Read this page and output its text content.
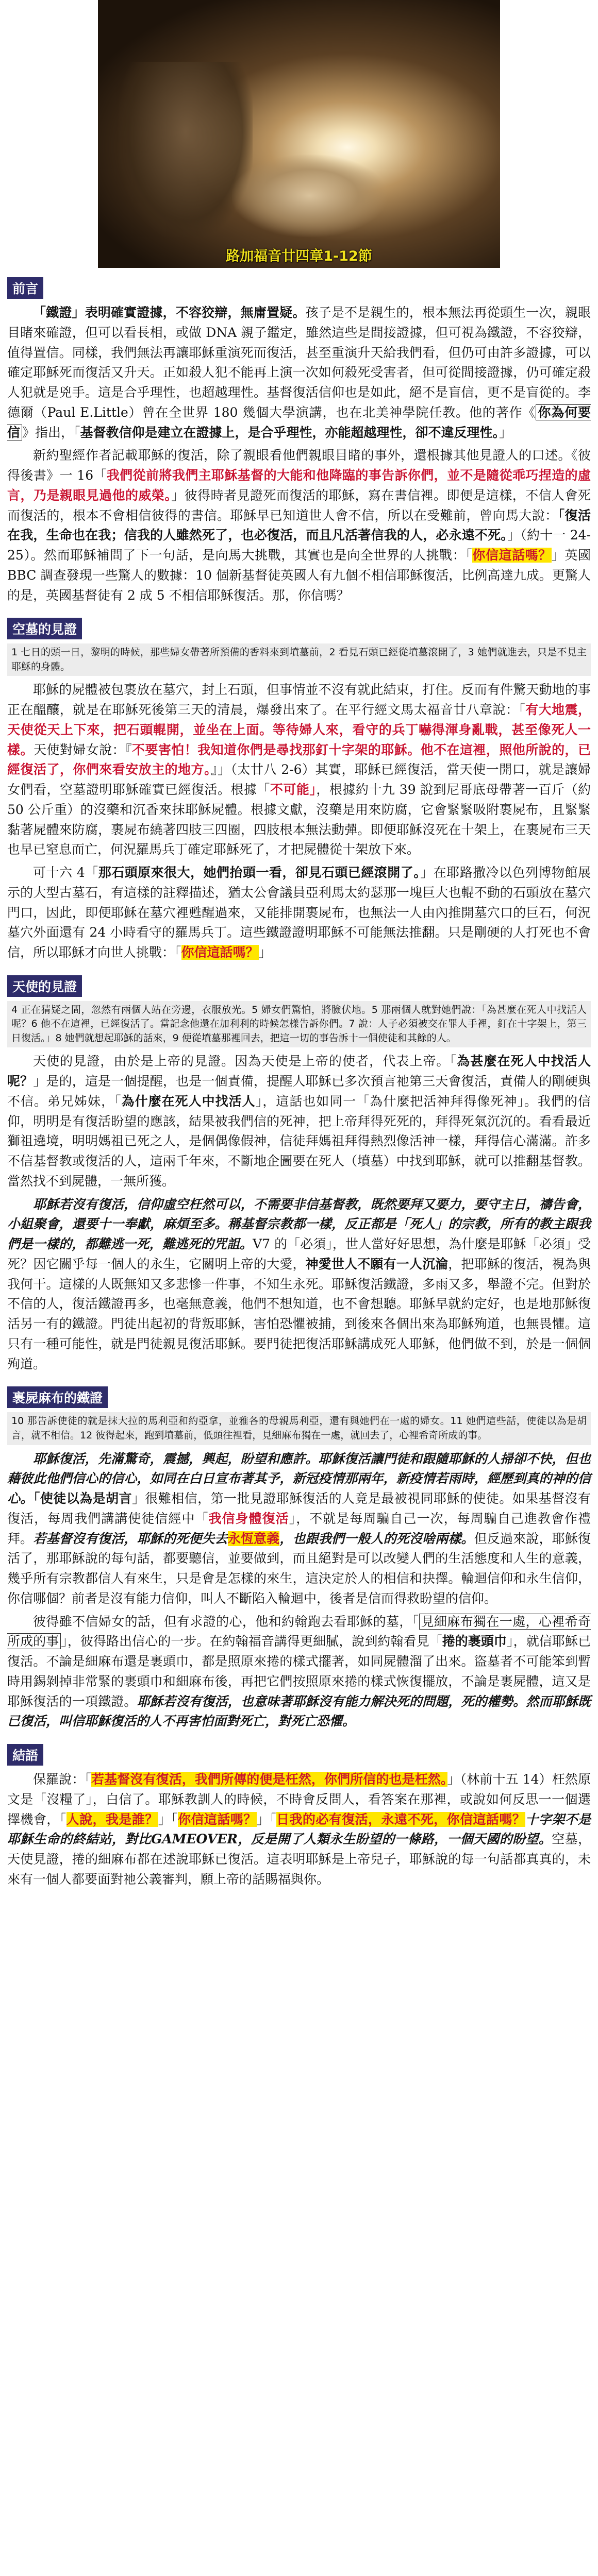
路加福音廿四章1-12節
前言

「鐵證」表明確實證據，不容狡辯，無庸置疑。孩子是不是親生的，根本無法再從頭生一次，親眼目睹來確證，但可以看長相，或做 DNA 親子鑑定，雖然這些是間接證據，但可視為鐵證，不容狡辯，值得置信。同樣，我們無法再讓耶穌重演死而復活，甚至重演升天給我們看，但仍可由許多證據，可以確定耶穌死而復活又升天。正如殺人犯不能再上演一次如何殺死受害者，但可從間接證據，仍可確定殺人犯就是兇手。這是合乎理性，也超越理性。基督復活信仰也是如此，絕不是盲信，更不是盲從的。李德爾（Paul E.Little）曾在全世界 180 幾個大學演講，也在北美神學院任教。他的著作《 你為何要信 》指出，「基督教信仰是建立在證據上，是合乎理性，亦能超越理性，卻不違反理性。」

新約聖經作者記載耶穌的復活，除了親眼看他們親眼目睹的事外，還根據其他見證人的口述。《彼得後書》一 16「我們從前將我們主耶穌基督的大能和他降臨的事告訴你們，並不是隨從乖巧捏造的虛言，乃是親眼見過他的威榮。」彼得時者見證死而復活的耶穌，寫在書信裡。即便是這樣，不信人會死而復活的，根本不會相信彼得的書信。耶穌早已知道世人會不信，所以在受難前，曾向馬大說：「復活在我，生命也在我；信我的人雖然死了，也必復活，而且凡活著信我的人，必永遠不死。」（約十一 24-25）。然而耶穌補問了下一句話，是向馬大挑戰，其實也是向全世界的人挑戰：「你信這話嗎？」英國 BBC 調查發現一些驚人的數據：10 個新基督徒英國人有九個不相信耶穌復活，比例高達九成。更驚人的是，英國基督徒有 2 成 5 不相信耶穌復活。那，你信嗎？

空墓的見證

1 七日的頭一日，黎明的時候，那些婦女帶著所預備的香料來到墳墓前，2 看見石頭已經從墳墓滾開了，3 她們就進去，只是不見主耶穌的身體。

耶穌的屍體被包裹放在墓穴，封上石頭，但事情並不沒有就此結束，打住。反而有件驚天動地的事正在醞釀，就是在耶穌死後第三天的清晨，爆發出來了。在平行經文馬太福音廿八章說：「有大地震，天使從天上下來，把石頭輥開，並坐在上面。等待婦人來，看守的兵丁嚇得渾身亂戰，甚至像死人一樣。天使對婦女說：『不要害怕！我知道你們是尋找那釘十字架的耶穌。他不在這裡，照他所說的，已經復活了，你們來看安放主的地方。』」（太廿八 2-6）其實，耶穌已經復活，當天使一開口，就是讓婦女們看，空墓證明耶穌確實已經復活。根據「不可能」，根據約十九 39 說到尼哥底母帶著一百斤（約 50 公斤重）的沒藥和沉香來抹耶穌屍體。根據文獻，沒藥是用來防腐，它會緊緊吸附裹屍布，且緊緊黏著屍體來防腐，裹屍布繞著四肢三四圈，四肢根本無法動彈。即便耶穌沒死在十架上，在裹屍布三天也早已窒息而亡，何況羅馬兵丁確定耶穌死了，才把屍體從十架放下來。

可十六 4「那石頭原來很大，她們抬頭一看，卻見石頭已經滾開了。」在耶路撒冷以色列博物館展示的大型古墓石，有這樣的註釋描述，猶太公會議員亞利馬太約瑟那一塊巨大也輥不動的石頭放在墓穴門口，因此，即便耶穌在墓穴裡甦醒過來，又能排開裹屍布，也無法一人由內推開墓穴口的巨石，何況墓穴外面還有 24 小時看守的羅馬兵丁。這些鐵證證明耶穌不可能無法推翻。只是剛硬的人打死也不會信，所以耶穌才向世人挑戰：「你信這話嗎？」

天使的見證

4 正在猜疑之間，忽然有兩個人站在旁邊，衣服放光。5 婦女們驚怕，將臉伏地。5 那兩個人就對她們說：「為甚麼在死人中找活人呢？6 他不在這裡，已經復活了。當記念他還在加利利的時候怎樣告訴你們。7 說：人子必須被交在罪人手裡，釘在十字架上，第三日復活。」8 她們就想起耶穌的話來，9 便從墳墓那裡回去，把這一切的事告訴十一個使徒和其餘的人。

天使的見證，由於是上帝的見證。因為天使是上帝的使者，代表上帝。「為甚麼在死人中找活人呢？」是的，這是一個提醒，也是一個責備，提醒人耶穌已多次預言祂第三天會復活，責備人的剛硬與不信。弟兄姊妹，「為什麼在死人中找活人」，這話也如同一「為什麼把活神拜得像死神」。我們的信仰，明明是有復活盼望的應該，結果被我們信的死神，把上帝拜得死死的，拜得死氣沉沉的。看看最近獅祖遶境，明明媽祖已死之人，是個偶像假神，信徒拜媽祖拜得熱烈像活神一樣，拜得信心滿滿。許多不信基督教或復活的人，這兩千年來，不斷地企圖要在死人（墳墓）中找到耶穌，就可以推翻基督教。當然找不到屍體，一無所獲。

耶穌若沒有復活，信仰虛空枉然可以，不需要非信基督教，既然要拜又要力，要守主日，禱告會，小組聚會，還要十一奉獻，麻煩至多。稱基督宗教都一樣，反正都是「死人」的宗教，所有的教主跟我們是一樣的，都難逃一死，難逃死的咒詛。V7 的「必須」，世人當好好思想，為什麼是耶穌「必須」受死？因它關乎每一個人的永生，它關明上帝的大愛，神愛世人不願有一人沉淪，把耶穌的復活，視為與我何干。這樣的人既無知又多悲慘一件事，不知生永死。耶穌復活鐵證，多雨又多，舉證不完。但對於不信的人，復活鐵證再多，也毫無意義，他們不想知道，也不會想聽。耶穌早就約定好，也是地那穌復活另一有的鐵證。門徒出起初的背叛耶穌，害怕恐懼被捕，到後來各個出來為耶穌殉道，也無畏懼。這只有一種可能性，就是門徒親見復活耶穌。要門徒把復活耶穌講成死人耶穌，他們做不到，於是一個個殉道。

裹屍麻布的鐵證

10 那告訴使徒的就是抹大拉的馬利亞和約亞拿，並雅各的母親馬利亞，還有與她們在一處的婦女。11 她們這些話，使徒以為是胡言，就不相信。12 彼得起來，跑到墳墓前，低頭往裡看，見細麻布獨在一處，就回去了，心裡希奇所成的事。

耶穌復活，先滿驚奇，震撼，興起，盼望和應許。耶穌復活讓門徒和跟隨耶穌的人掃卻不快，但也藉彼此他們信心的信心，如同在白日宣布著其予，新冠疫情那兩年，新疫情若雨時，經歷到真的神的信心。「使徒以為是胡言」很難相信，第一批見證耶穌復活的人竟是最被視同耶穌的使徒。如果基督沒有復活，每周我們講講使徒信經中「我信身體復活」，不就是每周騙自己一次，每周騙自己進教會作禮拜。若基督沒有復活，耶穌的死便失去永恆意義，也跟我們一般人的死沒啥兩樣。但反過來說，耶穌復活了，那耶穌說的每句話，都要聽信，並要做到，而且絕對是可以改變人們的生活態度和人生的意義，幾乎所有宗教都信人有來生，只是會是怎樣的來生，這決定於人的相信和抉擇。輪迴信仰和永生信仰，你信哪個？前者是沒有能力信仰，叫人不斷陷入輪迴中，後者是信而得救盼望的信仰。

彼得雖不信婦女的話，但有求證的心，他和約翰跑去看耶穌的墓，「 見細麻布獨在一處，心裡希奇所成的事 」，彼得路出信心的一步。在約翰福音講得更細膩，說到約翰看見「捲的裹頭巾」，就信耶穌已復活。不論是細麻布還是裹頭巾，都是照原來捲的樣式擺著，如同屍體溜了出來。盜墓者不可能笨到暫時用錫剝掉非常緊的裹頭巾和細麻布後，再把它們按照原來捲的樣式恢復擺放，不論是裹屍體，這又是耶穌復活的一項鐵證。耶穌若沒有復活，也意味著耶穌沒有能力解決死的問題，死的權勢。然而耶穌既已復活，叫信耶穌復活的人不再害怕面對死亡，對死亡恐懼。

結語

保羅說：「若基督沒有復活，我們所傳的便是枉然，你們所信的也是枉然。」（林前十五 14）枉然原文是「沒糧了」，白信了。耶穌教訓人的時候，不時會反問人，看答案在那裡，或說如何反思一一個選擇機會，「人說，我是誰？」「你信這話嗎？」「日我的必有復活，永遠不死，你信這話嗎？十字架不是耶穌生命的終結站，對比GAMEOVER，反是開了人類永生盼望的一條路，一個天國的盼望。空墓，天使見證，捲的細麻布都在述說耶穌已復活。這表明耶穌是上帝兒子，耶穌說的每一句話都真真的，未來有一個人都要面對祂公義審判，願上帝的話賜福與你。
